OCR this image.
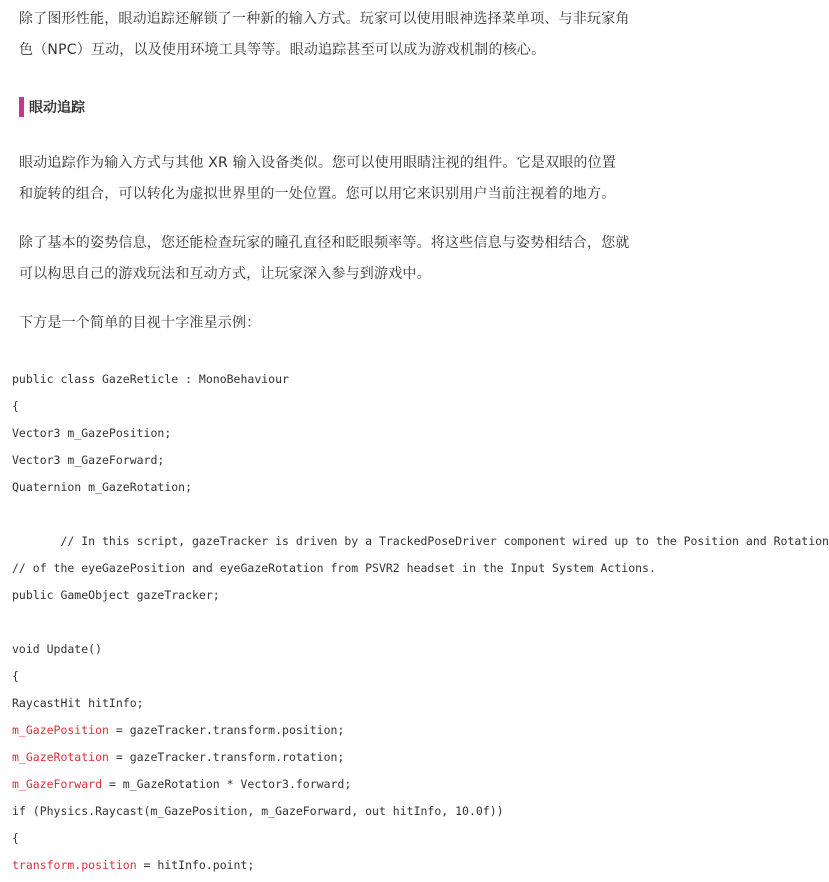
除了图形性能，眼动追踪还解锁了一种新的输入方式。玩家可以使用眼神选择菜单项、与非玩家角
色（NPC）互动，以及使用环境工具等等。眼动追踪甚至可以成为游戏机制的核心。
眼动追踪
眼动追踪作为输入方式与其他 XR 输入设备类似。您可以使用眼睛注视的组件。它是双眼的位置
和旋转的组合，可以转化为虚拟世界里的一处位置。您可以用它来识别用户当前注视着的地方。
除了基本的姿势信息，您还能检查玩家的瞳孔直径和眨眼频率等。将这些信息与姿势相结合，您就
可以构思自己的游戏玩法和互动方式，让玩家深入参与到游戏中。
下方是一个简单的目视十字准星示例：
public class GazeReticle : MonoBehaviour
{
Vector3 m_GazePosition;
Vector3 m_GazeForward;
Quaternion m_GazeRotation;
// In this script, gazeTracker is driven by a TrackedPoseDriver component wired up to the Position and Rotation
// of the eyeGazePosition and eyeGazeRotation from PSVR2 headset in the Input System Actions.
public GameObject gazeTracker;
void Update()
{
RaycastHit hitInfo;
m_GazePosition = gazeTracker.transform.position;
m_GazeRotation = gazeTracker.transform.rotation;
m_GazeForward = m_GazeRotation * Vector3.forward;
if (Physics.Raycast(m_GazePosition, m_GazeForward, out hitInfo, 10.0f))
{
transform.position = hitInfo.point;
